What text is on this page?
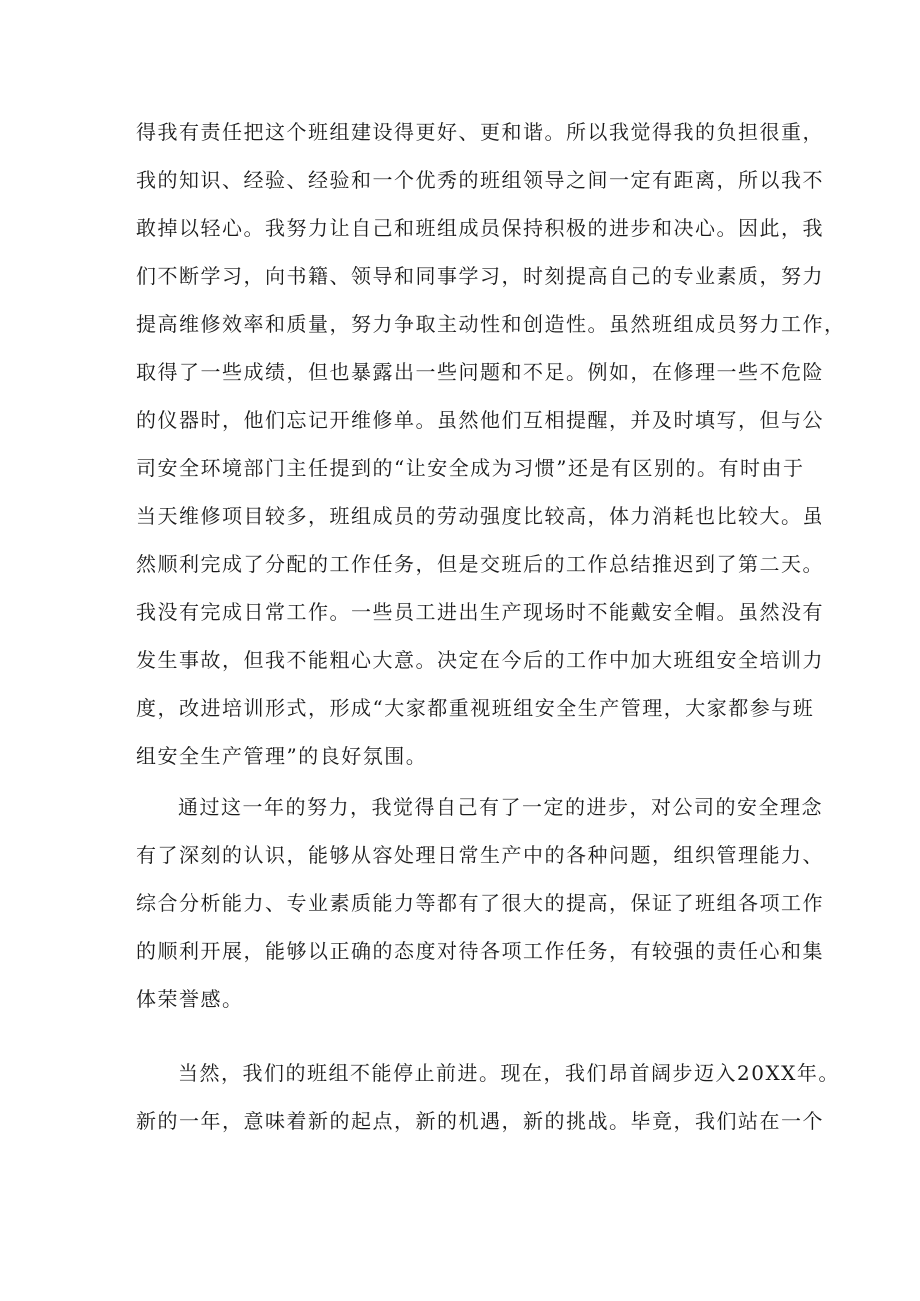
得我有责任把这个班组建设得更好、更和谐。所以我觉得我的负担很重，
我的知识、经验、经验和一个优秀的班组领导之间一定有距离，所以我不
敢掉以轻心。我努力让自己和班组成员保持积极的进步和决心。因此，我
们不断学习，向书籍、领导和同事学习，时刻提高自己的专业素质，努力
提高维修效率和质量，努力争取主动性和创造性。虽然班组成员努力工作，
取得了一些成绩，但也暴露出一些问题和不足。例如，在修理一些不危险
的仪器时，他们忘记开维修单。虽然他们互相提醒，并及时填写，但与公
司安全环境部门主任提到的“让安全成为习惯”还是有区别的。有时由于
当天维修项目较多，班组成员的劳动强度比较高，体力消耗也比较大。虽
然顺利完成了分配的工作任务，但是交班后的工作总结推迟到了第二天。
我没有完成日常工作。一些员工进出生产现场时不能戴安全帽。虽然没有
发生事故，但我不能粗心大意。决定在今后的工作中加大班组安全培训力
度，改进培训形式，形成“大家都重视班组安全生产管理，大家都参与班
组安全生产管理”的良好氛围。
通过这一年的努力，我觉得自己有了一定的进步，对公司的安全理念
有了深刻的认识，能够从容处理日常生产中的各种问题，组织管理能力、
综合分析能力、专业素质能力等都有了很大的提高，保证了班组各项工作
的顺利开展，能够以正确的态度对待各项工作任务，有较强的责任心和集
体荣誉感。
当然，我们的班组不能停止前进。现在，我们昂首阔步迈入20XX年。
新的一年，意味着新的起点，新的机遇，新的挑战。毕竟，我们站在一个
